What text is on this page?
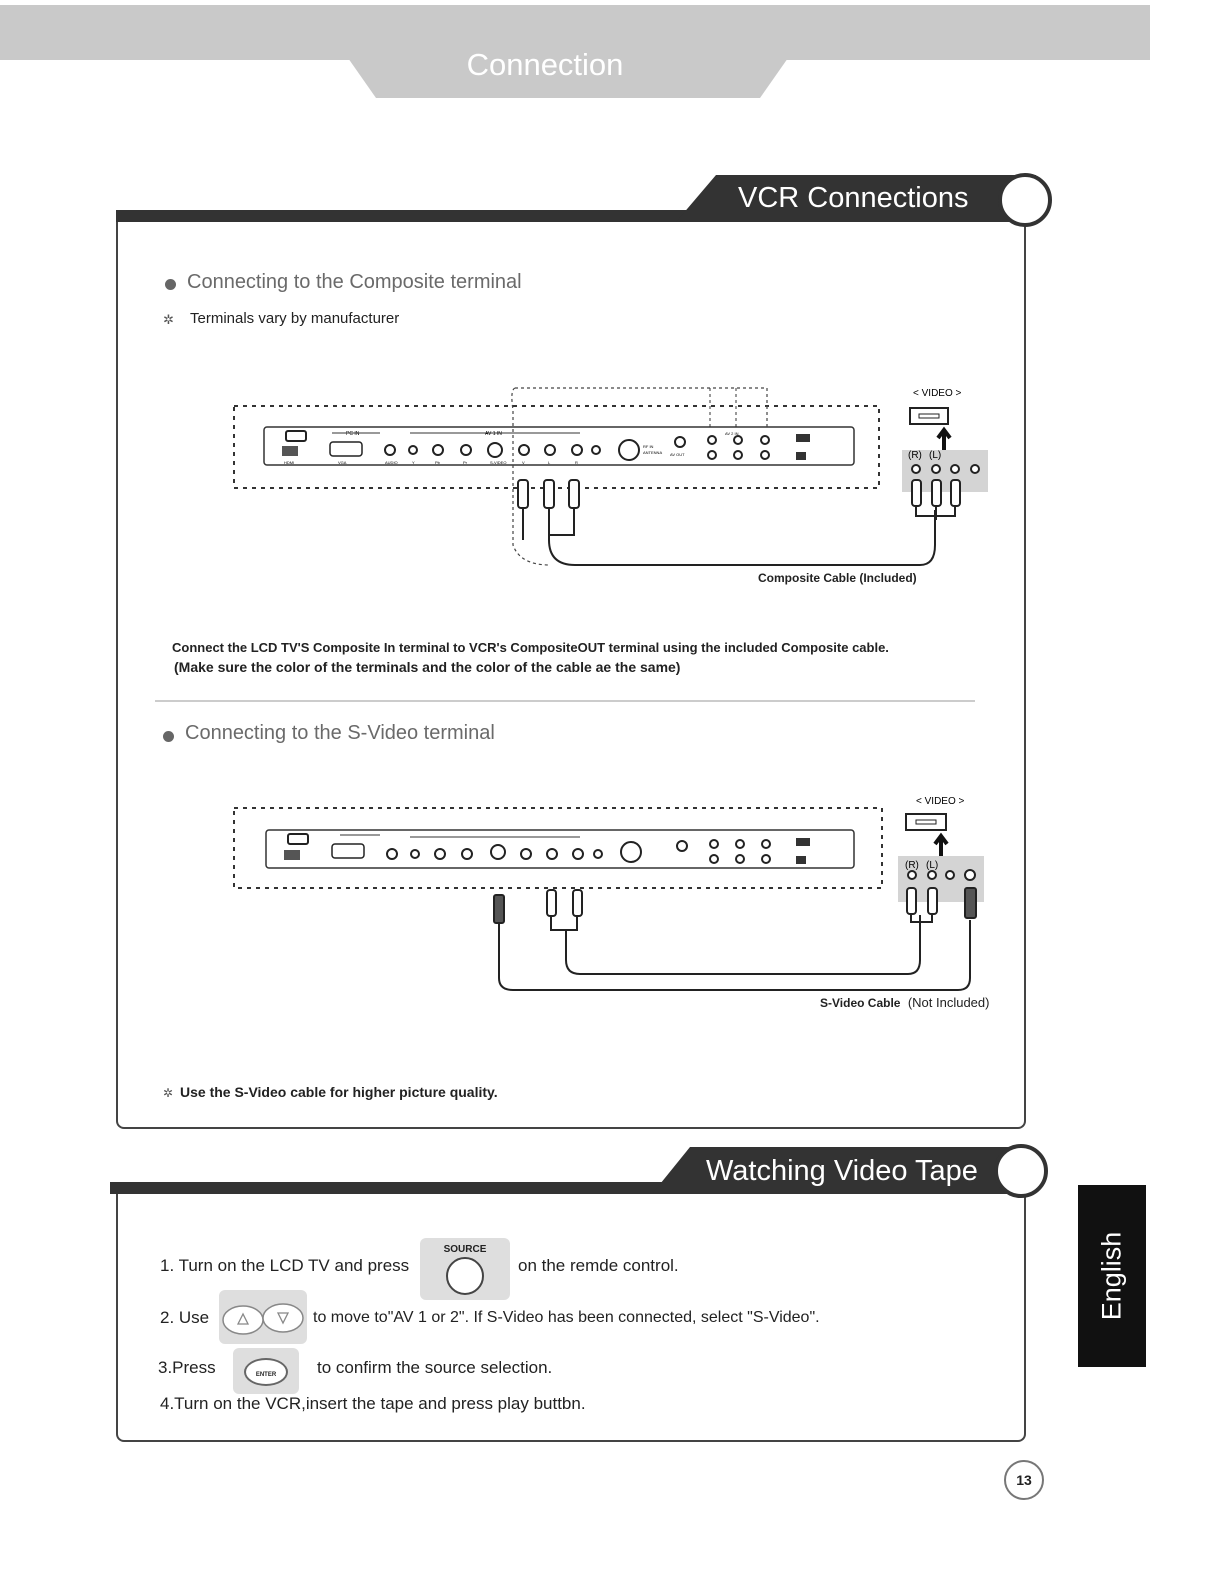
Connection
VCR Connections
Connecting to the Composite terminal
✲ Terminals vary by manufacturer
HDMI	VGA
PC IN	AV 1 IN
S-VIDEO
AUDIO	Y	Pb	Pr	V	L	R
RF IN
ANTENNA AV OUT
AV 2 IN
< VIDEO >
(R) (L)
Composite Cable (Included)
Connect the LCD TV'S Composite In terminal to VCR's CompositeOUT terminal using the included Composite cable.
(Make sure the color of the terminals and the color of the cable ae the same)
Connecting to the S-Video terminal
< VIDEO >
(R) (L)
S-Video Cable (Not Included)
✲ Use the S-Video cable for higher picture quality.
Watching Video Tape
1. Turn on the LCD TV and press
SOURCE
on the remde control.
2. Use	to move to"AV 1 or 2". If S-Video has been connected, select "S-Video".
3.Press	ENTER	to confirm the source selection.
4.Turn on the VCR,insert the tape and press play buttbn.
English
13
